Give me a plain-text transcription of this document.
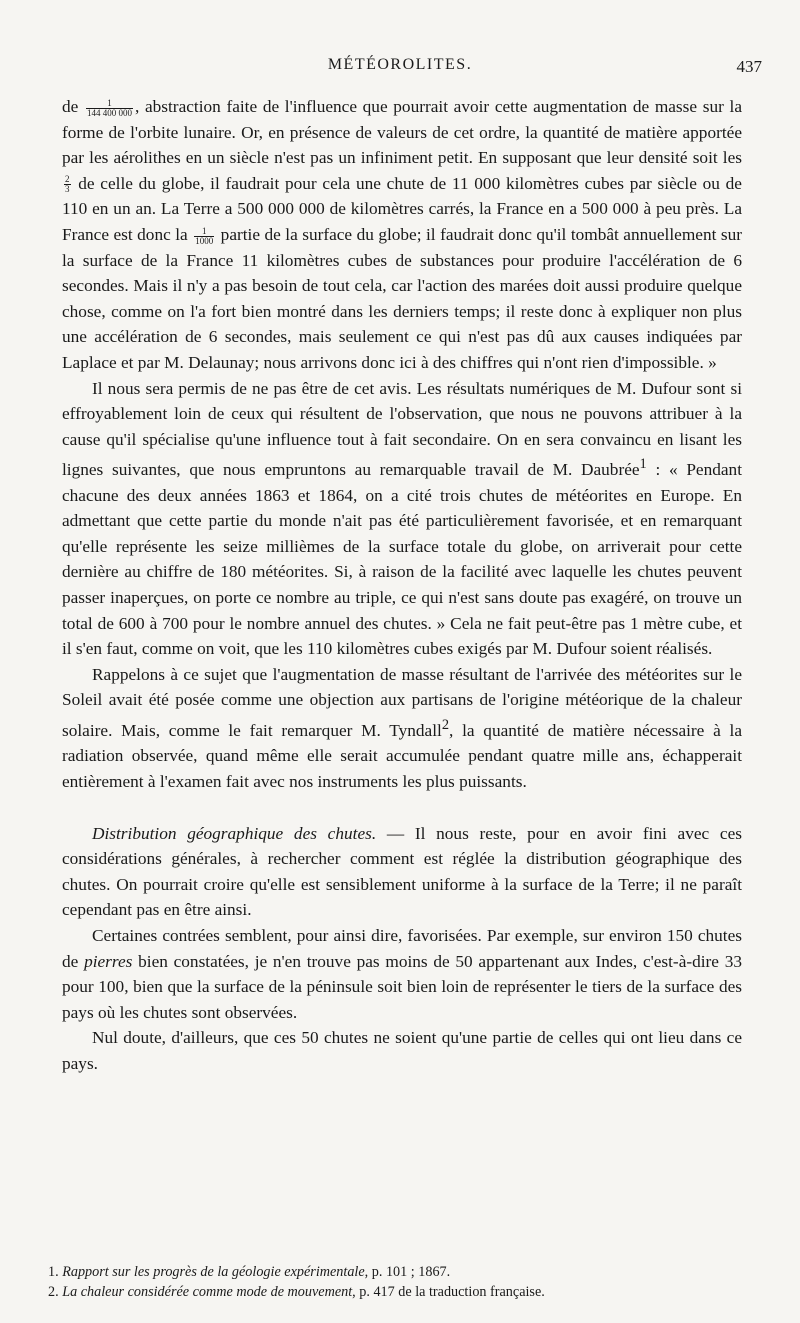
MÉTÉOROLITES.	437

de $\frac{1}{144 400 000}$ , abstraction faite de l'influence que pourrait avoir cette augmentation de masse sur la forme de l'orbite lunaire. Or, en présence de valeurs de cet ordre, la quantité de matière apportée par les aérolithes en un siècle n'est pas un infiniment petit. En supposant que leur densité soit les
$\frac{2}{3}$ de celle du globe, il faudrait pour cela une chute de 11 000 kilomètres cubes par siècle ou de 110 en un an. La Terre a 500 000 000 de kilomètres carrés, la France en a 500 000 à peu près. La France est donc la $\frac{1}{1000}$ partie de la surface du globe; il faudrait donc qu'il tombât annuellement sur la surface de la France 11 kilomètres cubes de substances pour produire l'accélération de 6 secondes. Mais il n'y a pas besoin de tout cela, car l'action des marées doit aussi produire quelque chose, comme on l'a fort bien montré dans les derniers temps; il reste donc à expliquer non plus une accélération de 6 secondes, mais seulement ce qui n'est pas dû aux causes indiquées par Laplace et par M. Delaunay; nous arrivons donc ici à des chiffres qui n'ont rien d'impossible. »

Il nous sera permis de ne pas être de cet avis. Les résultats numériques de M. Dufour sont si effroyablement loin de ceux qui résultent de l'observation, que nous ne pouvons attribuer à la cause qu'il spécialise qu'une influence tout à fait secondaire. On en sera convaincu en lisant les lignes suivantes, que nous empruntons au remarquable travail de M. Daubrée$^1$ : « Pendant chacune des deux années 1863 et 1864, on a cité trois chutes de météorites en Europe. En admettant que cette partie du monde n'ait pas été particulièrement favorisée, et en remarquant qu'elle représente les seize millièmes de la surface totale du globe, on arriverait pour cette dernière au chiffre de 180 météorites. Si, à raison de la facilité avec laquelle les chutes peuvent passer inaperçues, on porte ce nombre au triple, ce qui n'est sans doute pas exagéré, on trouve un total de 600 à 700 pour le nombre annuel des chutes. » Cela ne fait peut-être pas 1 mètre cube, et il s'en faut, comme on voit, que les 110 kilomètres cubes exigés par M. Dufour soient réalisés.

Rappelons à ce sujet que l'augmentation de masse résultant de l'arrivée des météorites sur le Soleil avait été posée comme une objection aux partisans de l'origine météorique de la chaleur solaire. Mais, comme le fait remarquer M. Tyndall$^2$, la quantité de matière nécessaire à la radiation observée, quand même elle serait accumulée pendant quatre mille ans, échapperait entièrement à l'examen fait avec nos instruments les plus puissants.

Distribution géographique des chutes. — Il nous reste, pour en avoir fini avec ces considérations générales, à rechercher comment est réglée la distribution géographique des chutes. On pourrait croire qu'elle est sensiblement uniforme à la surface de la Terre; il ne paraît cependant pas en être ainsi.

Certaines contrées semblent, pour ainsi dire, favorisées. Par exemple, sur environ 150 chutes de pierres bien constatées, je n'en trouve pas moins de 50 appartenant aux Indes, c'est-à-dire 33 pour 100, bien que la surface de la péninsule soit bien loin de représenter le tiers de la surface des pays où les chutes sont observées.

Nul doute, d'ailleurs, que ces 50 chutes ne soient qu'une partie de celles qui ont lieu dans ce pays.

1. Rapport sur les progrès de la géologie expérimentale, p. 101 ; 1867.
2. La chaleur considérée comme mode de mouvement, p. 417 de la traduction française.
